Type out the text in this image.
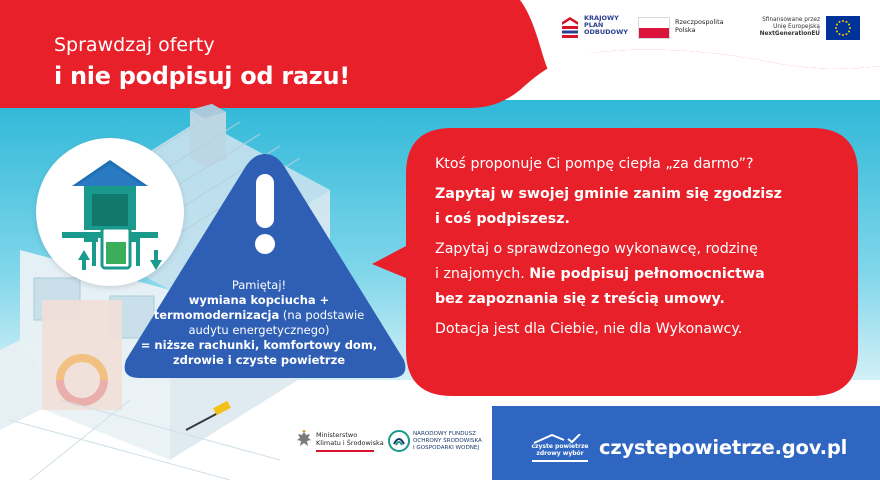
Sprawdzaj oferty
i nie podpisuj od razu!
KRAJOWY
PLAN
ODBUDOWY
Rzeczpospolita
Polska
Sfinansowane przez
Unię Europejską
NextGenerationEU
Pamiętaj!
wymiana kopciucha +
termomodernizacja (na podstawie
audytu energetycznego)
= niższe rachunki, komfortowy dom,
zdrowie i czyste powietrze

Ktoś proponuje Ci pompę ciepła „za darmo”?

Zapytaj w swojej gminie zanim się zgodzisz
i coś podpiszesz.

Zapytaj o sprawdzonego wykonawcę, rodzinę
i znajomych. Nie podpisuj pełnomocnictwa
bez zapoznania się z treścią umowy.

Dotacja jest dla Ciebie, nie dla Wykonawcy.

Ministerstwo
Klimatu i Środowiska
NARODOWY FUNDUSZ
OCHRONY ŚRODOWISKA
I GOSPODARKI WODNEJ	czyste powietrze
zdrowy wybór czystepowietrze.gov.pl
